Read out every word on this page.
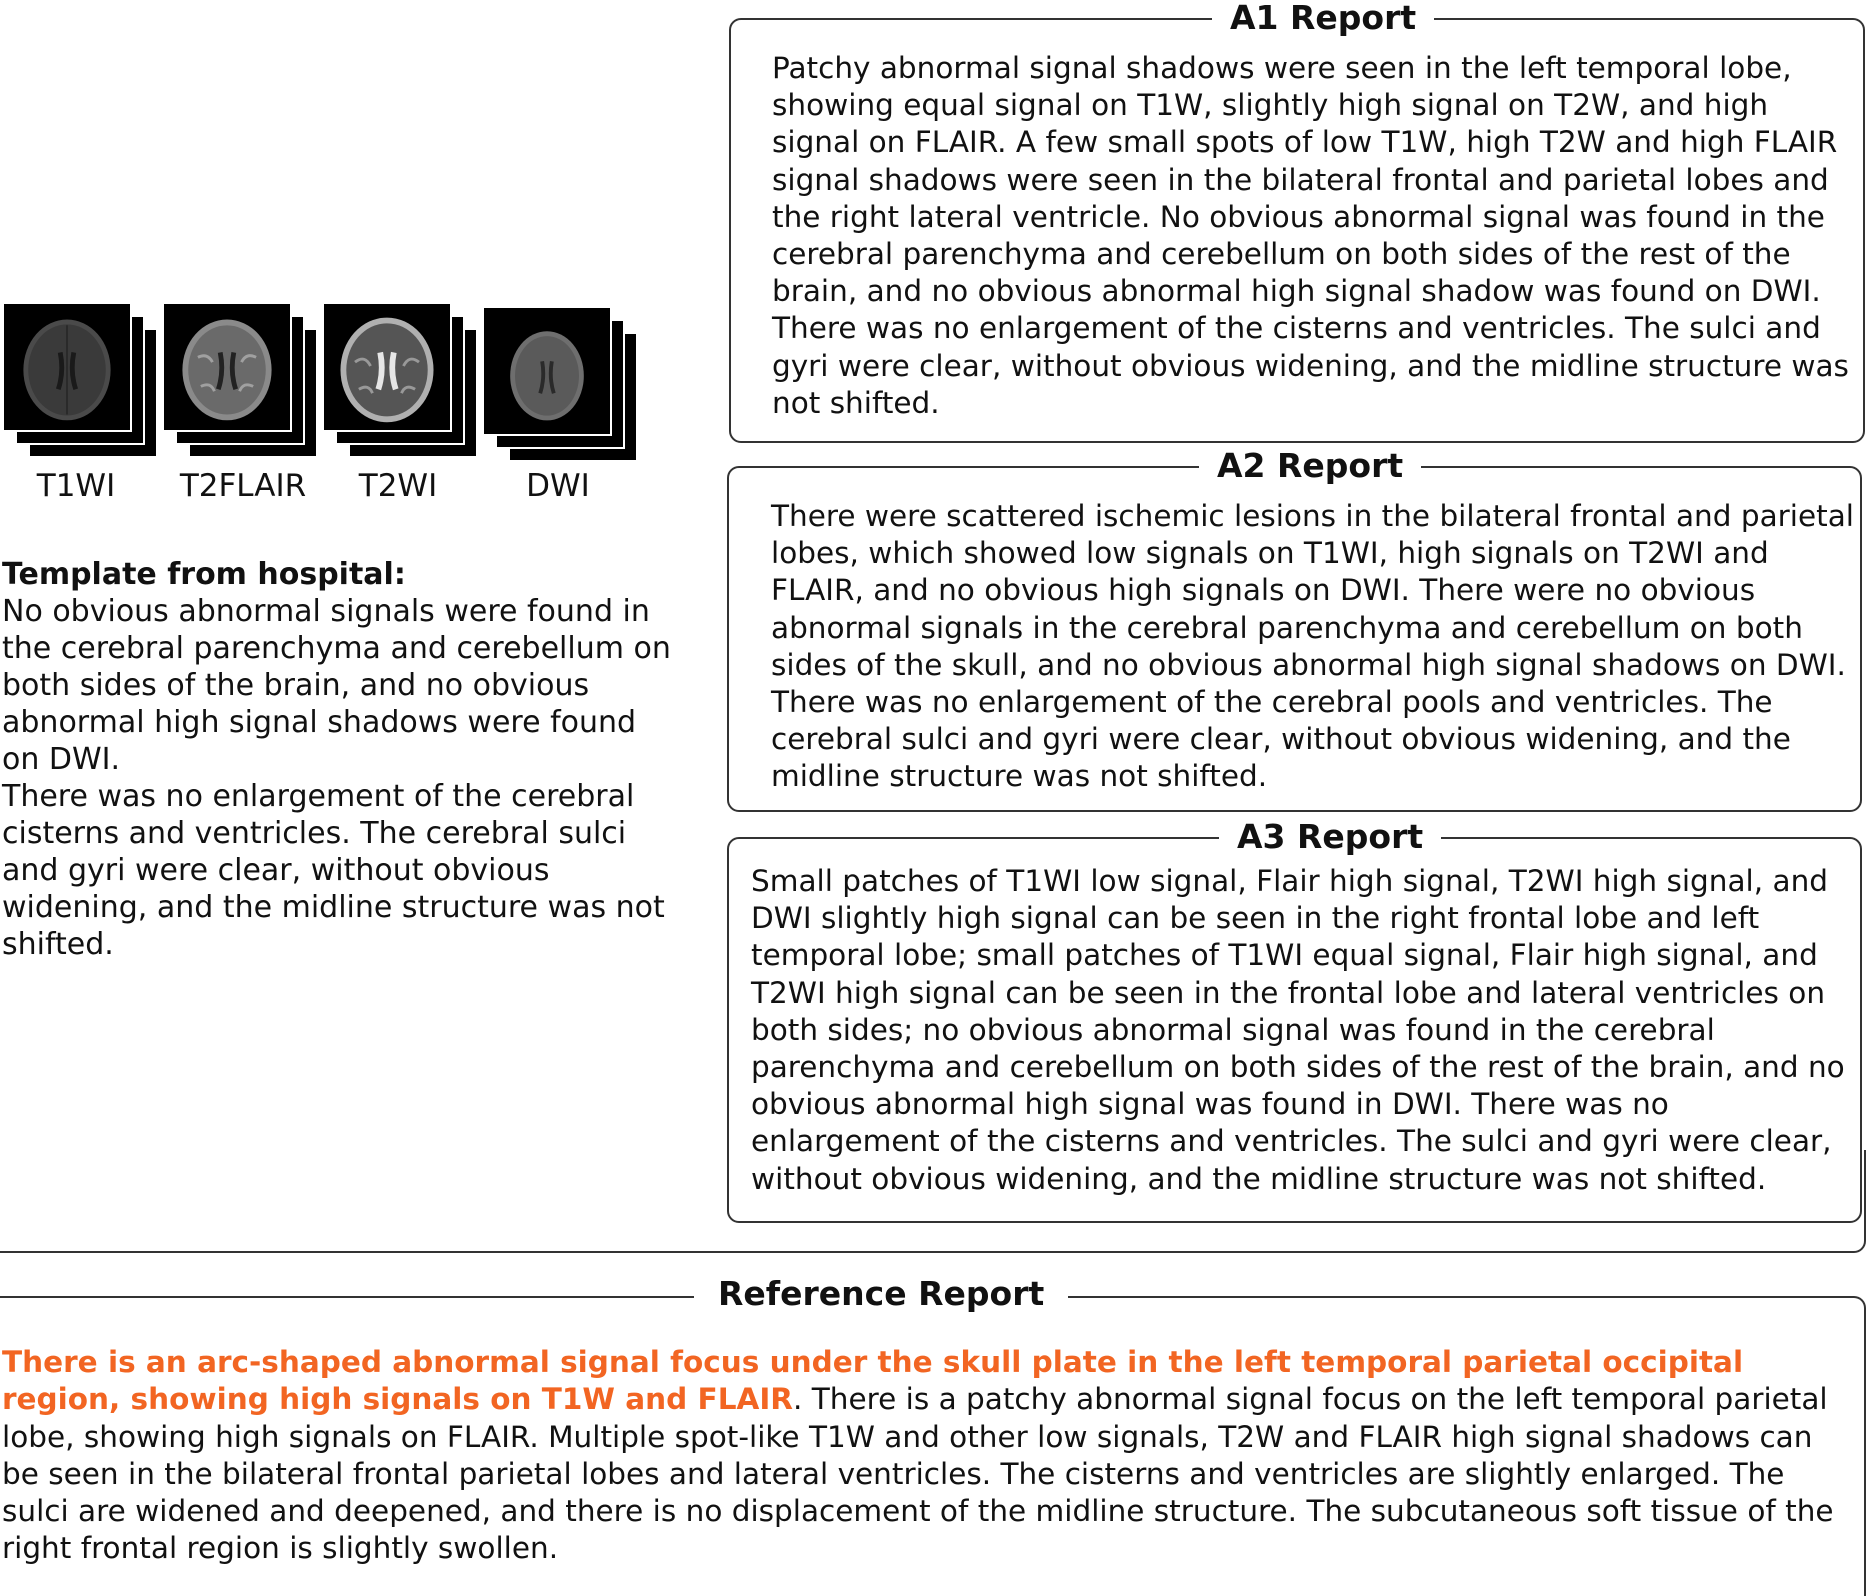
T1WI	T2FLAIR	T2WI	DWI

Template from hospital:

No obvious abnormal signals were found in the cerebral parenchyma and cerebellum on both sides of the brain, and no obvious abnormal high signal shadows were found on DWI.

There was no enlargement of the cerebral cisterns and ventricles. The cerebral sulci and gyri were clear, without obvious widening, and the midline structure was not shifted.

A1 Report

Patchy abnormal signal shadows were seen in the left temporal lobe, showing equal signal on T1W, slightly high signal on T2W, and high signal on FLAIR. A few small spots of low T1W, high T2W and high FLAIR signal shadows were seen in the bilateral frontal and parietal lobes and the right lateral ventricle. No obvious abnormal signal was found in the cerebral parenchyma and cerebellum on both sides of the rest of the brain, and no obvious abnormal high signal shadow was found on DWI. There was no enlargement of the cisterns and ventricles. The sulci and gyri were clear, without obvious widening, and the midline structure was not shifted.

A2 Report

There were scattered ischemic lesions in the bilateral frontal and parietal lobes, which showed low signals on T1WI, high signals on T2WI and FLAIR, and no obvious high signals on DWI. There were no obvious abnormal signals in the cerebral parenchyma and cerebellum on both sides of the skull, and no obvious abnormal high signal shadows on DWI. There was no enlargement of the cerebral pools and ventricles. The cerebral sulci and gyri were clear, without obvious widening, and the midline structure was not shifted.

A3 Report

Small patches of T1WI low signal, Flair high signal, T2WI high signal, and DWI slightly high signal can be seen in the right frontal lobe and left temporal lobe; small patches of T1WI equal signal, Flair high signal, and T2WI high signal can be seen in the frontal lobe and lateral ventricles on both sides; no obvious abnormal signal was found in the cerebral parenchyma and cerebellum on both sides of the rest of the brain, and no obvious abnormal high signal was found in DWI. There was no enlargement of the cisterns and ventricles. The sulci and gyri were clear, without obvious widening, and the midline structure was not shifted.

Reference Report

There is an arc-shaped abnormal signal focus under the skull plate in the left temporal parietal occipital region, showing high signals on T1W and FLAIR. There is a patchy abnormal signal focus on the left temporal parietal lobe, showing high signals on FLAIR. Multiple spot-like T1W and other low signals, T2W and FLAIR high signal shadows can be seen in the bilateral frontal parietal lobes and lateral ventricles. The cisterns and ventricles are slightly enlarged. The sulci are widened and deepened, and there is no displacement of the midline structure. The subcutaneous soft tissue of the right frontal region is slightly swollen.
